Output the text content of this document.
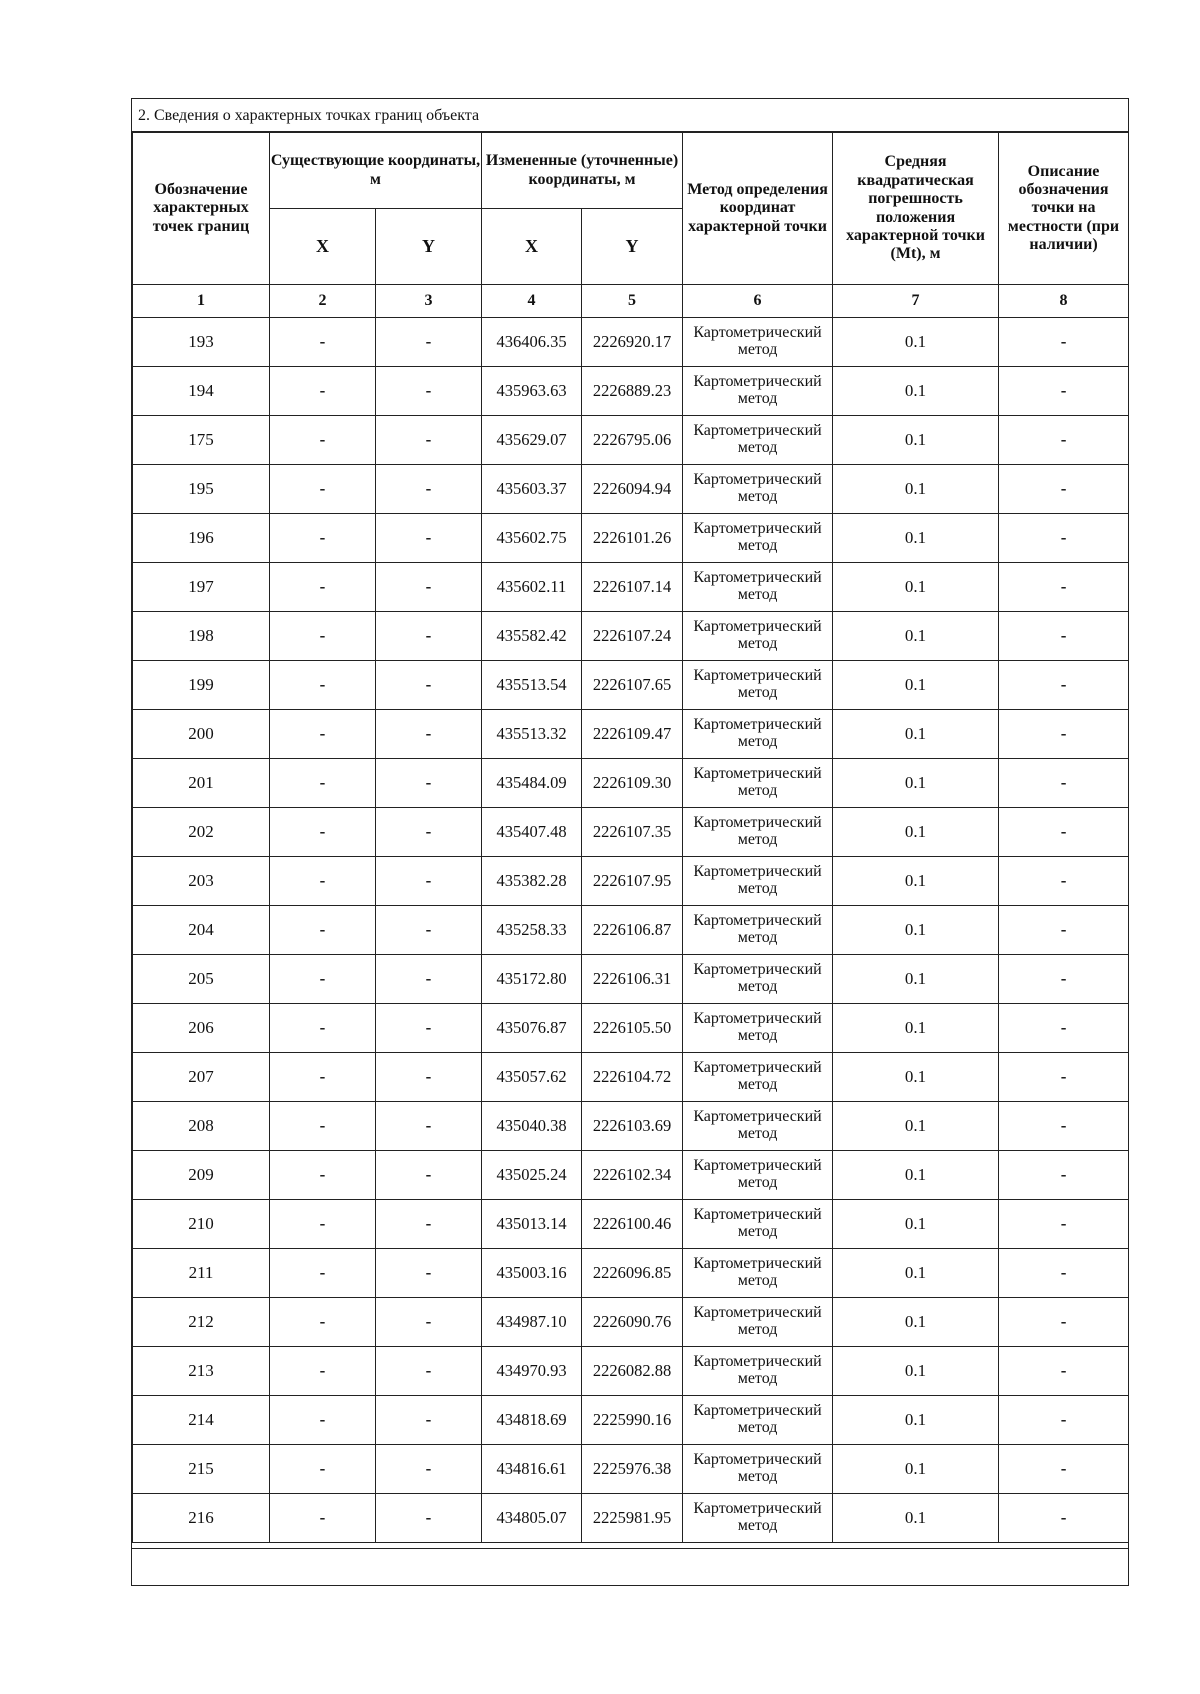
2. Сведения о характерных точках границ объекта
Обозначение характерных точек границ	Существующие координаты, м		Измененные (уточненные) координаты, м		Метод определения координат характерной точки	Средняя квадратическая погрешность положения характерной точки (Mt), м	Описание обозначения точки на местности (при наличии)
	X	Y	X	Y			
1	2	3	4	5	6	7	8
193	-	-	436406.35	2226920.17	Картометрический метод	0.1	-
194	-	-	435963.63	2226889.23	Картометрический метод	0.1	-
175	-	-	435629.07	2226795.06	Картометрический метод	0.1	-
195	-	-	435603.37	2226094.94	Картометрический метод	0.1	-
196	-	-	435602.75	2226101.26	Картометрический метод	0.1	-
197	-	-	435602.11	2226107.14	Картометрический метод	0.1	-
198	-	-	435582.42	2226107.24	Картометрический метод	0.1	-
199	-	-	435513.54	2226107.65	Картометрический метод	0.1	-
200	-	-	435513.32	2226109.47	Картометрический метод	0.1	-
201	-	-	435484.09	2226109.30	Картометрический метод	0.1	-
202	-	-	435407.48	2226107.35	Картометрический метод	0.1	-
203	-	-	435382.28	2226107.95	Картометрический метод	0.1	-
204	-	-	435258.33	2226106.87	Картометрический метод	0.1	-
205	-	-	435172.80	2226106.31	Картометрический метод	0.1	-
206	-	-	435076.87	2226105.50	Картометрический метод	0.1	-
207	-	-	435057.62	2226104.72	Картометрический метод	0.1	-
208	-	-	435040.38	2226103.69	Картометрический метод	0.1	-
209	-	-	435025.24	2226102.34	Картометрический метод	0.1	-
210	-	-	435013.14	2226100.46	Картометрический метод	0.1	-
211	-	-	435003.16	2226096.85	Картометрический метод	0.1	-
212	-	-	434987.10	2226090.76	Картометрический метод	0.1	-
213	-	-	434970.93	2226082.88	Картометрический метод	0.1	-
214	-	-	434818.69	2225990.16	Картометрический метод	0.1	-
215	-	-	434816.61	2225976.38	Картометрический метод	0.1	-
216	-	-	434805.07	2225981.95	Картометрический метод	0.1	-
